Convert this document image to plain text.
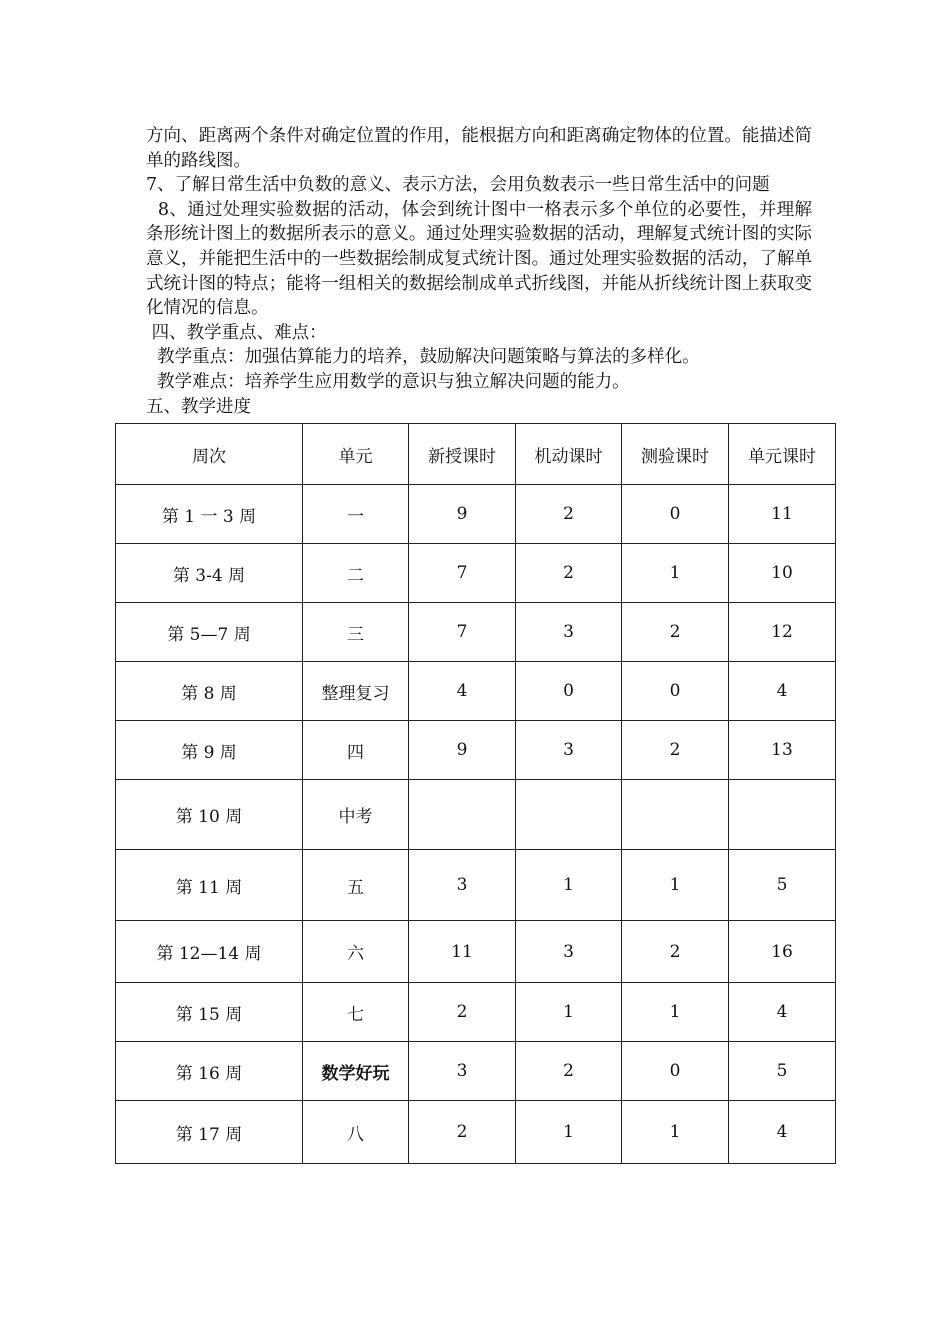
方向、距离两个条件对确定位置的作用，能根据方向和距离确定物体的位置。能描述简单的路线图。

7、了解日常生活中负数的意义、表示方法，会用负数表示一些日常生活中的问题

8、通过处理实验数据的活动，体会到统计图中一格表示多个单位的必要性，并理解条形统计图上的数据所表示的意义。通过处理实验数据的活动，理解复式统计图的实际意义，并能把生活中的一些数据绘制成复式统计图。通过处理实验数据的活动，了解单式统计图的特点；能将一组相关的数据绘制成单式折线图，并能从折线统计图上获取变化情况的信息。

四、教学重点、难点：

教学重点：加强估算能力的培养，鼓励解决问题策略与算法的多样化。

教学难点：培养学生应用数学的意识与独立解决问题的能力。

五、教学进度

周次	单元	新授课时	机动课时	测验课时	单元课时
第 1 一 3 周	一	9	2	0	11
第 3-4 周	二	7	2	1	10
第 5—7 周	三	7	3	2	12
第 8 周	整理复习	4	0	0	4
第 9 周	四	9	3	2	13
第 10 周	中考				
第 11 周	五	3	1	1	5
第 12—14 周	六	11	3	2	16
第 15 周	七	2	1	1	4
第 16 周	数学好玩	3	2	0	5
第 17 周	八	2	1	1	4
